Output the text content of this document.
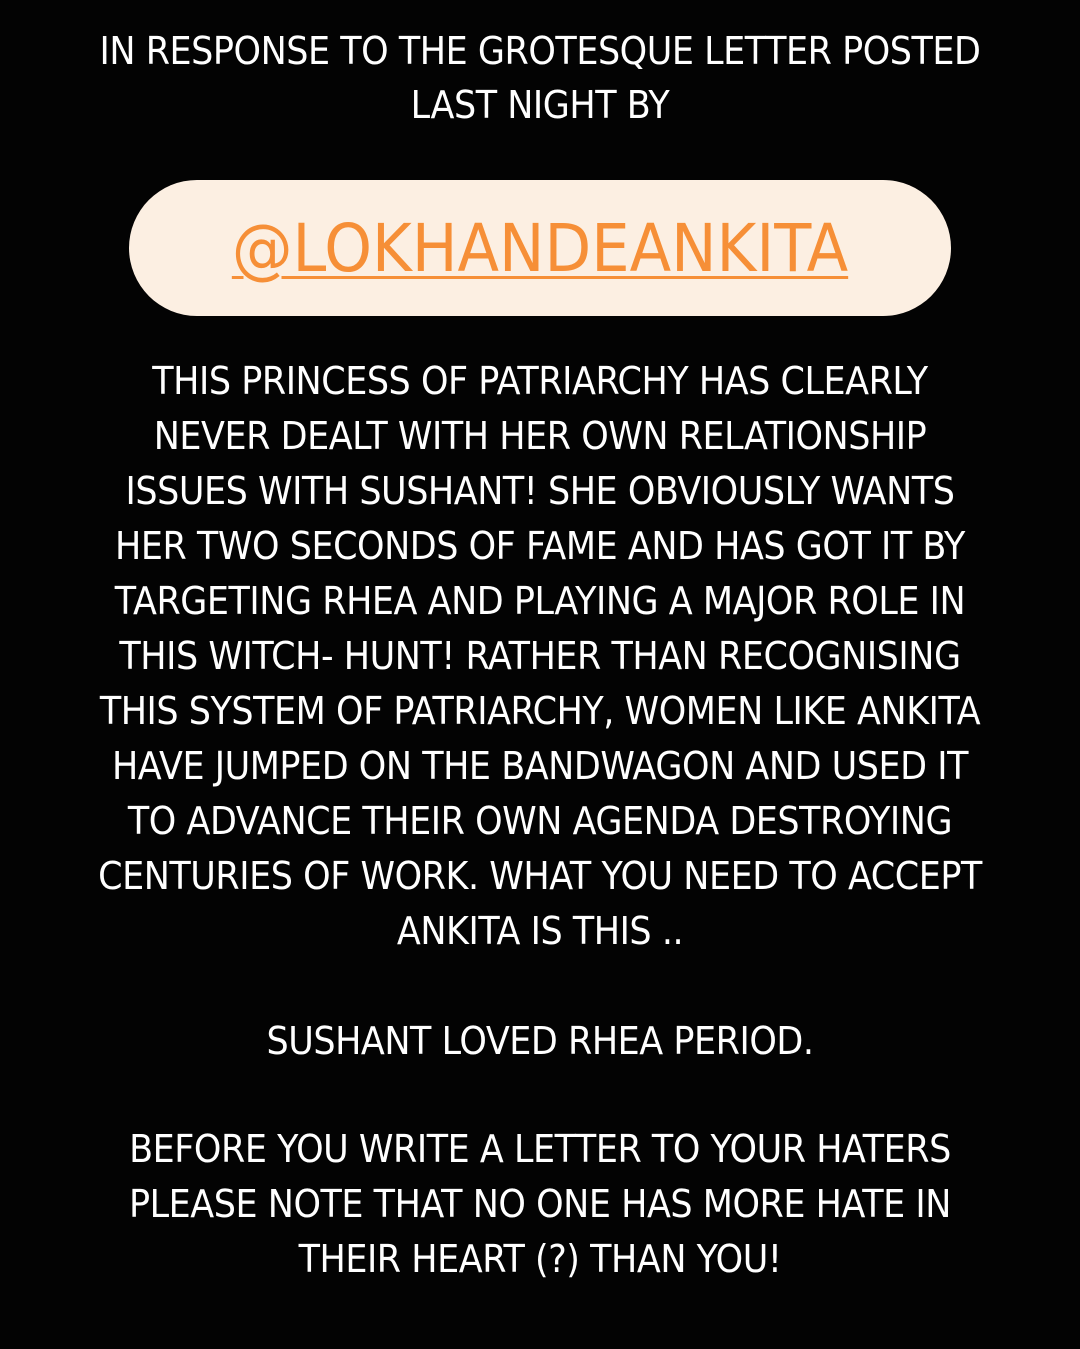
IN RESPONSE TO THE GROTESQUE LETTER POSTED
LAST NIGHT BY
@LOKHANDEANKITA
THIS PRINCESS OF PATRIARCHY HAS CLEARLY
NEVER DEALT WITH HER OWN RELATIONSHIP
ISSUES WITH SUSHANT! SHE OBVIOUSLY WANTS
HER TWO SECONDS OF FAME AND HAS GOT IT BY
TARGETING RHEA AND PLAYING A MAJOR ROLE IN
THIS WITCH- HUNT! RATHER THAN RECOGNISING
THIS SYSTEM OF PATRIARCHY, WOMEN LIKE ANKITA
HAVE JUMPED ON THE BANDWAGON AND USED IT
TO ADVANCE THEIR OWN AGENDA DESTROYING
CENTURIES OF WORK. WHAT YOU NEED TO ACCEPT
ANKITA IS THIS ..
SUSHANT LOVED RHEA PERIOD.
BEFORE YOU WRITE A LETTER TO YOUR HATERS
PLEASE NOTE THAT NO ONE HAS MORE HATE IN
THEIR HEART (?) THAN YOU!
